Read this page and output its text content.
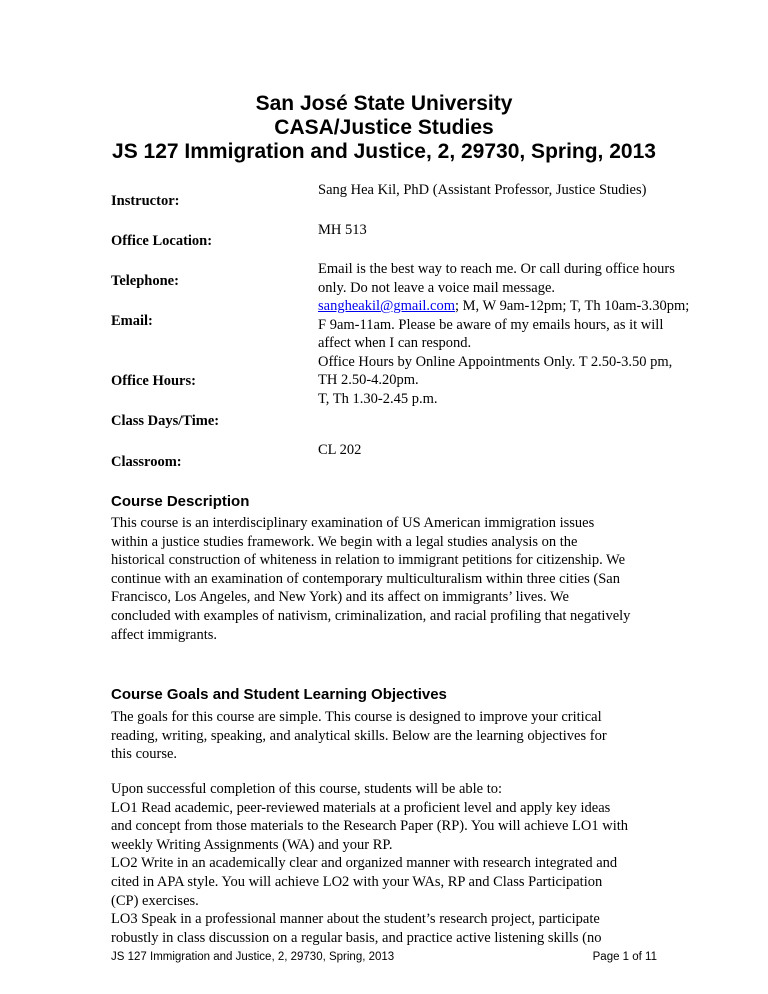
San José State University
CASA/Justice Studies
JS 127 Immigration and Justice, 2, 29730, Spring, 2013
Instructor:
Office Location:
Telephone:
Email:
Office Hours:
Class Days/Time:
Classroom:
Sang Hea Kil, PhD (Assistant Professor, Justice Studies)
MH 513
Email is the best way to reach me. Or call during office hours
only. Do not leave a voice mail message.
sangheakil@gmail.com; M, W 9am-12pm; T, Th 10am-3.30pm;
F 9am-11am. Please be aware of my emails hours, as it will
affect when I can respond.
Office Hours by Online Appointments Only. T 2.50-3.50 pm,
TH 2.50-4.20pm.
T, Th 1.30-2.45 p.m.
CL 202
Course Description
This course is an interdisciplinary examination of US American immigration issues
within a justice studies framework. We begin with a legal studies analysis on the
historical construction of whiteness in relation to immigrant petitions for citizenship. We
continue with an examination of contemporary multiculturalism within three cities (San
Francisco, Los Angeles, and New York) and its affect on immigrants’ lives. We
concluded with examples of nativism, criminalization, and racial profiling that negatively
affect immigrants.
Course Goals and Student Learning Objectives
The goals for this course are simple. This course is designed to improve your critical
reading, writing, speaking, and analytical skills. Below are the learning objectives for
this course.
Upon successful completion of this course, students will be able to:
LO1 Read academic, peer-reviewed materials at a proficient level and apply key ideas
and concept from those materials to the Research Paper (RP). You will achieve LO1 with
weekly Writing Assignments (WA) and your RP.
LO2 Write in an academically clear and organized manner with research integrated and
cited in APA style. You will achieve LO2 with your WAs, RP and Class Participation
(CP) exercises.
LO3 Speak in a professional manner about the student’s research project, participate
robustly in class discussion on a regular basis, and practice active listening skills (no
JS 127 Immigration and Justice, 2, 29730, Spring, 2013	Page 1 of 11
